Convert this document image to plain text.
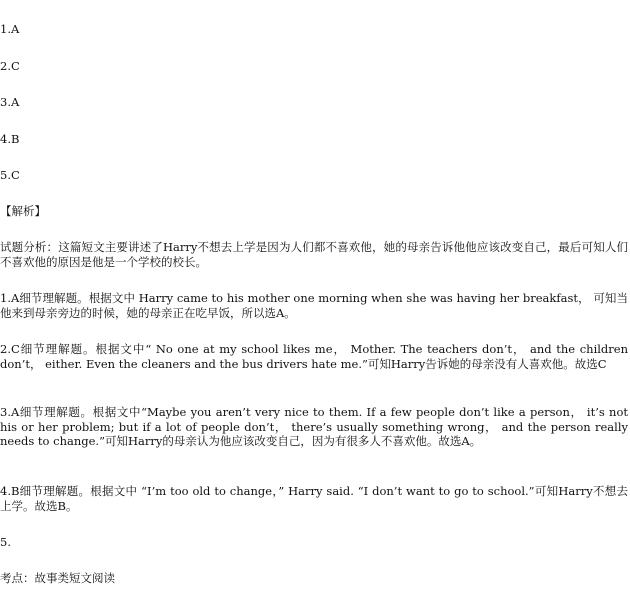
1.A
2.C
3.A
4.B
5.C
【解析】
试题分析：这篇短文主要讲述了Harry不想去上学是因为人们都不喜欢他，她的母亲告诉他他应该改变自己，最后可知人们不喜欢他的原因是他是一个学校的校长。
1.A细节理解题。根据文中 Harry came to his mother one morning when she was having her breakfast， 可知当他来到母亲旁边的时候，她的母亲正在吃早饭，所以选A。
2.C细节理解题。根据文中“ No one at my school likes me， Mother. The teachers don’t， and the children don’t， either. Even the cleaners and the bus drivers hate me.”可知Harry告诉她的母亲没有人喜欢他。故选C
3.A细节理解题。根据文中“Maybe you aren’t very nice to them. If a few people don’t like a person， it’s not his or her problem; but if a lot of people don’t， there’s usually something wrong， and the person really needs to change.”可知Harry的母亲认为他应该改变自己，因为有很多人不喜欢他。故选A。
4.B细节理解题。根据文中 “I’m too old to change，” Harry said. “I don’t want to go to school.”可知Harry不想去上学。故选B。
5.
考点：故事类短文阅读
